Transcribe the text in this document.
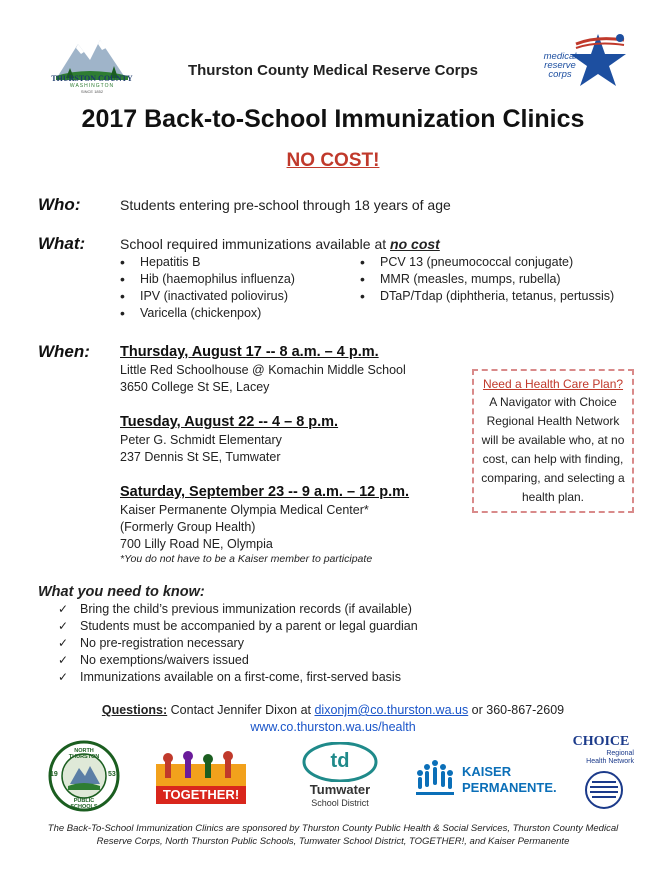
THURSTON COUNTY
WASHINGTON
SINCE 1852
Thurston County Medical Reserve Corps
medical
reserve
corps
2017 Back-to-School Immunization Clinics
NO COST!
Who:	Students entering pre-school through 18 years of age
What: School required immunizations available at no cost
• Hepatitis B
• Hib (haemophilus influenza)
• IPV (inactivated poliovirus)
• Varicella (chickenpox)
• PCV 13 (pneumococcal conjugate)
• MMR (measles, mumps, rubella)
• DTaP/Tdap (diphtheria, tetanus, pertussis)
When: Thursday, August 17 -- 8 a.m. – 4 p.m.
Little Red Schoolhouse @ Komachin Middle School
3650 College St SE, Lacey
Tuesday, August 22 -- 4 – 8 p.m.
Peter G. Schmidt Elementary
237 Dennis St SE, Tumwater
Saturday, September 23 -- 9 a.m. – 12 p.m.
Kaiser Permanente Olympia Medical Center*
(Formerly Group Health)
700 Lilly Road NE, Olympia
*You do not have to be a Kaiser member to participate
Need a Health Care Plan?
A Navigator with Choice Regional Health Network will be available who, at no cost, can help with finding, comparing, and selecting a health plan.
What you need to know:
✓ Bring the child’s previous immunization records (if available)
✓ Students must be accompanied by a parent or legal guardian
✓ No pre-registration necessary
✓ No exemptions/waivers issued
✓ Immunizations available on a first-come, first-served basis
Questions: Contact Jennifer Dixon at dixonjm@co.thurston.wa.us or 360-867-2609
www.co.thurston.wa.us/health
NORTH THURSTON
PUBLIC SCHOOLS
19	53
TOGETHER!
td
Tumwater
School District
KAISER
PERMANENTE.
CHOICE
Regional
Health Network
The Back-To-School Immunization Clinics are sponsored by Thurston County Public Health & Social Services, Thurston County Medical Reserve Corps, North Thurston Public Schools, Tumwater School District, TOGETHER!, and Kaiser Permanente
